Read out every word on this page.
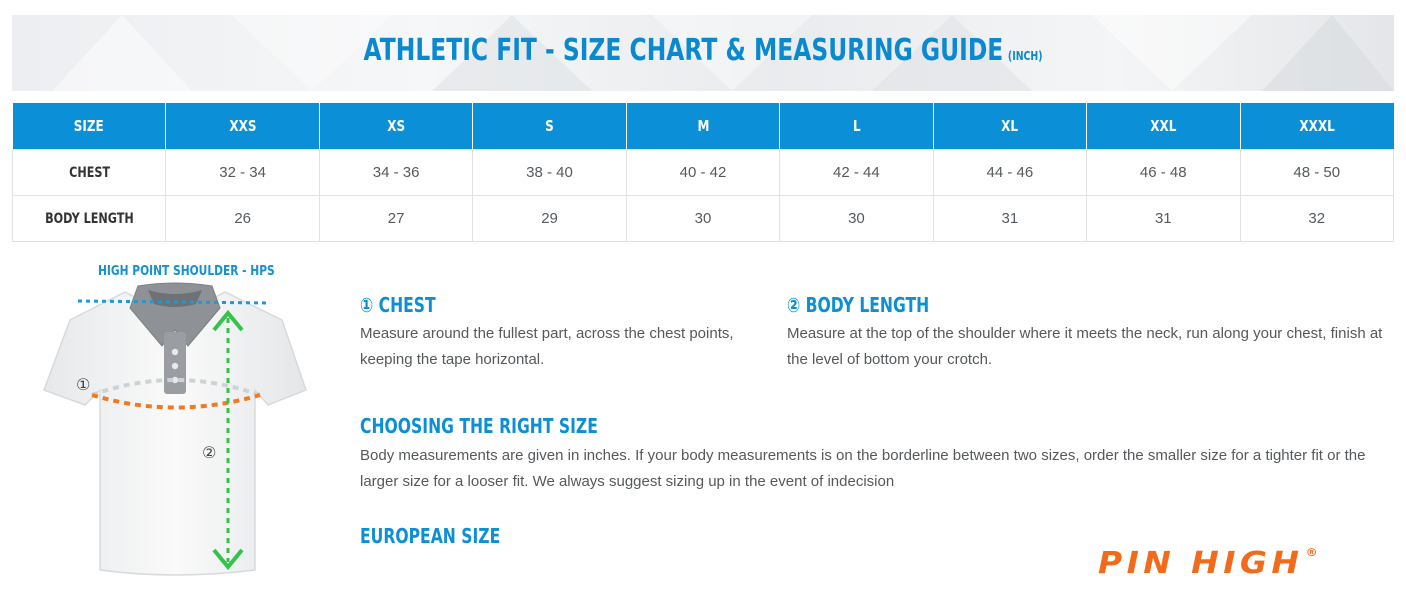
ATHLETIC FIT - SIZE CHART & MEASURING GUIDE (INCH)
SIZE	XXS	XS	S	M	L	XL	XXL	XXXL
CHEST	32 - 34	34 - 36	38 - 40	40 - 42	42 - 44	44 - 46	46 - 48	48 - 50
BODY LENGTH	26	27	29	30	30	31	31	32
HIGH POINT SHOULDER - HPS
①
②
① CHEST
Measure around the fullest part, across the chest points, keeping the tape horizontal.
② BODY LENGTH
Measure at the top of the shoulder where it meets the neck, run along your chest, finish at the level of bottom your crotch.
CHOOSING THE RIGHT SIZE
Body measurements are given in inches. If your body measurements is on the borderline between two sizes, order the smaller size for a tighter fit or the larger size for a looser fit. We always suggest sizing up in the event of indecision
EUROPEAN SIZE
PIN HIGH ®
